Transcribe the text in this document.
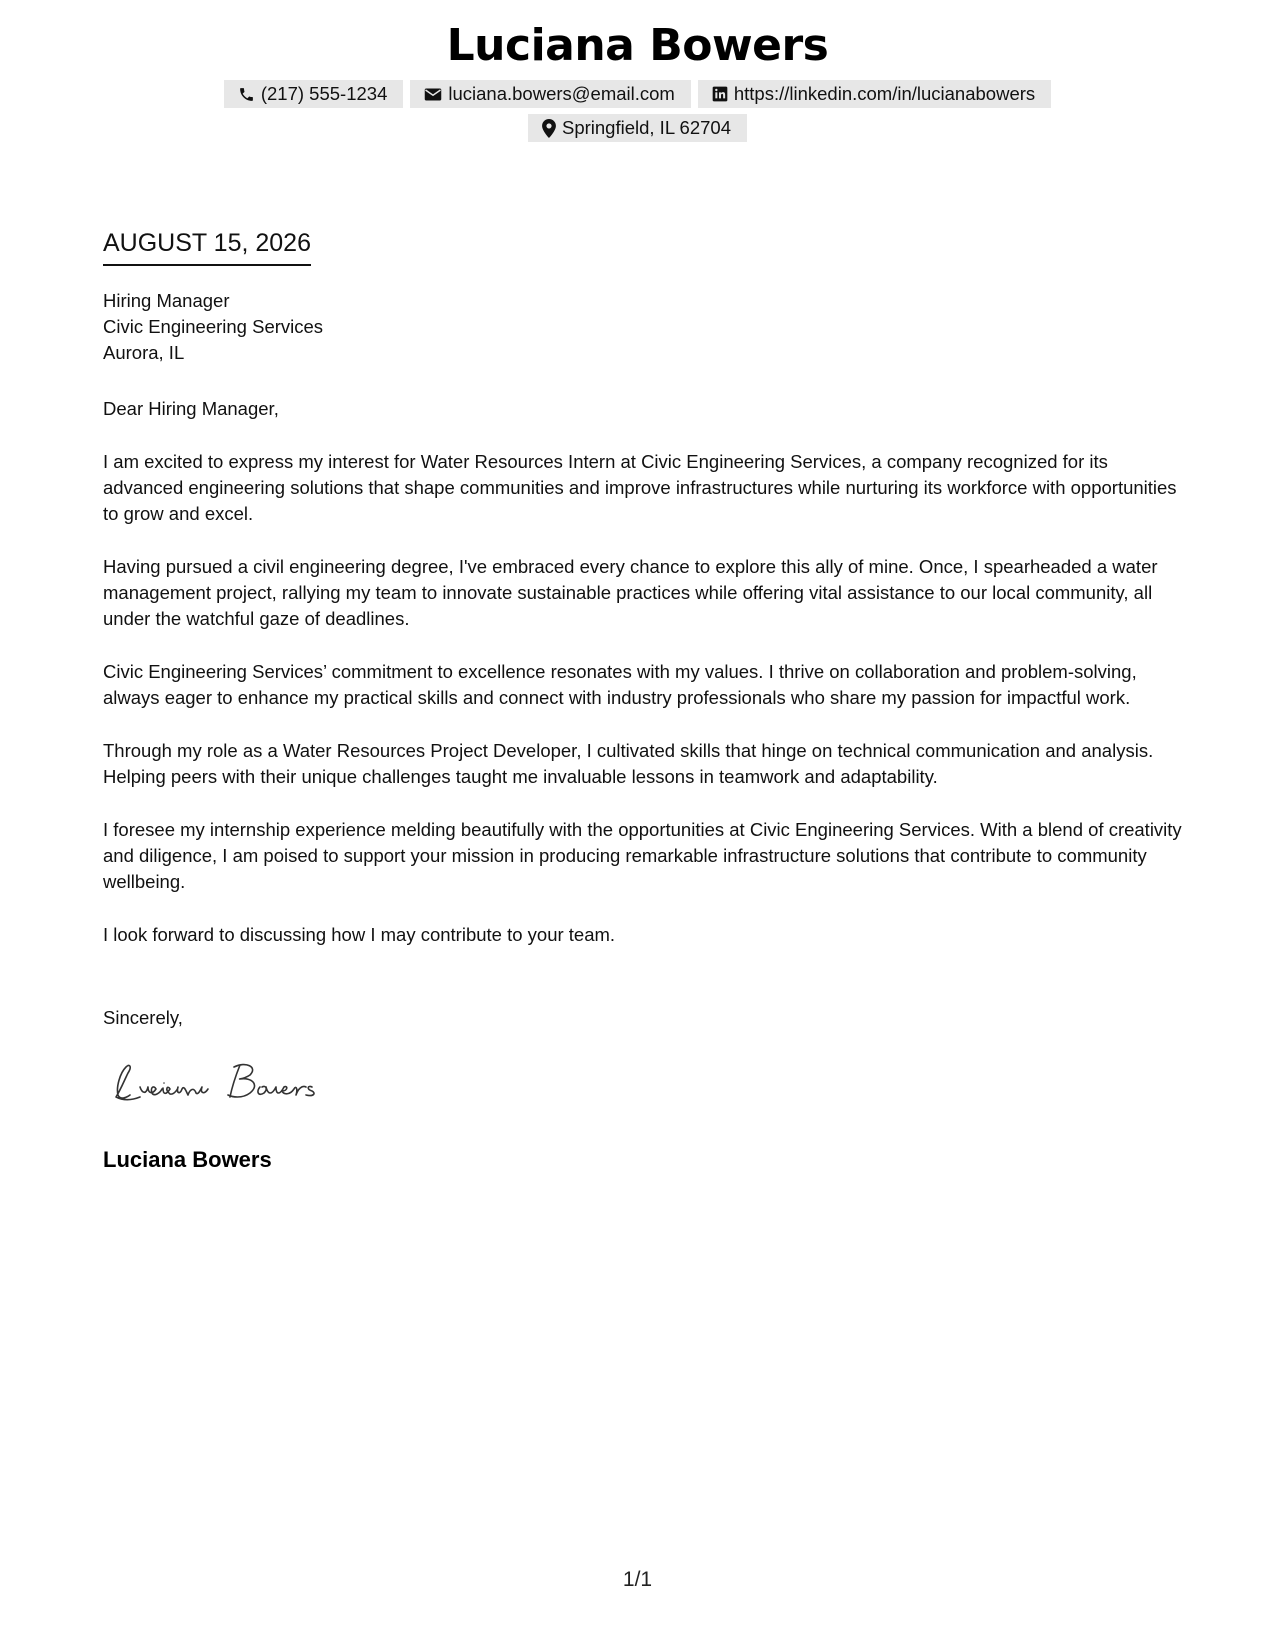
Luciana Bowers
(217) 555-1234	luciana.bowers@email.com	https://linkedin.com/in/lucianabowers
Springfield, IL 62704
AUGUST 15, 2026
Hiring Manager
Civic Engineering Services
Aurora, IL
Dear Hiring Manager,

I am excited to express my interest for Water Resources Intern at Civic Engineering Services, a company recognized for its advanced engineering solutions that shape communities and improve infrastructures while nurturing its workforce with opportunities to grow and excel.

Having pursued a civil engineering degree, I've embraced every chance to explore this ally of mine. Once, I spearheaded a water management project, rallying my team to innovate sustainable practices while offering vital assistance to our local community, all under the watchful gaze of deadlines.

Civic Engineering Services’ commitment to excellence resonates with my values. I thrive on collaboration and problem-solving, always eager to enhance my practical skills and connect with industry professionals who share my passion for impactful work.

Through my role as a Water Resources Project Developer, I cultivated skills that hinge on technical communication and analysis. Helping peers with their unique challenges taught me invaluable lessons in teamwork and adaptability.

I foresee my internship experience melding beautifully with the opportunities at Civic Engineering Services. With a blend of creativity and diligence, I am poised to support your mission in producing remarkable infrastructure solutions that contribute to community wellbeing.

I look forward to discussing how I may contribute to your team.

Sincerely,
Luciana Bowers
1/1
